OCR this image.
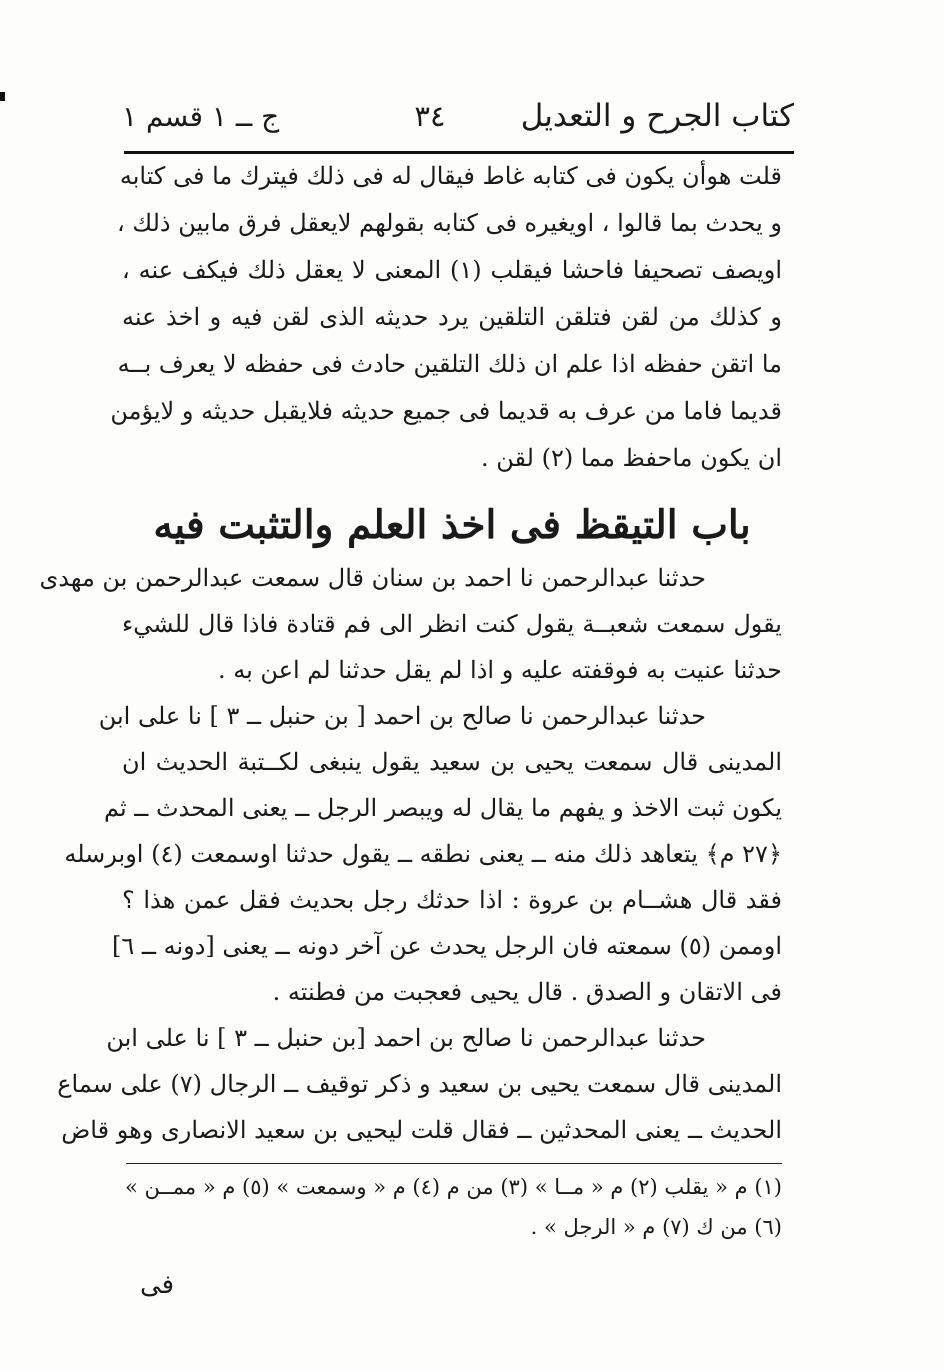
كتاب الجرح و التعديل
٣٤
ج ــ ١ قسم ١
قلت هوأن يكون فى كتابه غاط فيقال له فى ذلك فيترك ما فى كتابه
و يحدث بما قالوا ، اويغيره فى كتابه بقولهم لايعقل فرق مابين ذلك ،
اويصف تصحيفا فاحشا فيقلب (١) المعنى لا يعقل ذلك فيكف عنه ،
و كذلك من لقن فتلقن التلقين يرد حديثه الذى لقن فيه و اخذ عنه
ما اتقن حفظه اذا علم ان ذلك التلقين حادث فى حفظه لا يعرف بــه
قديما فاما من عرف به قديما فى جميع حديثه فلايقبل حديثه و لايؤمن
ان يكون ماحفظ مما (٢) لقن .
حدثنا عبدالرحمن نا احمد بن سنان قال سمعت عبدالرحمن بن مهدى
يقول سمعت شعبــة يقول كنت انظر الى فم قتادة فاذا قال للشيء
حدثنا عنيت به فوقفته عليه و اذا لم يقل حدثنا لم اعن به .
حدثنا عبدالرحمن نا صالح بن احمد [ بن حنبل ــ ٣ ] نا على ابن
المدينى قال سمعت يحيى بن سعيد يقول ينبغى لكــتبة الحديث ان
يكون ثبت الاخذ و يفهم ما يقال له ويبصر الرجل ــ يعنى المحدث ــ ثم
﴿٢٧ م﴾ يتعاهد ذلك منه ــ يعنى نطقه ــ يقول حدثنا اوسمعت (٤) اوبرسله
فقد قال هشــام بن عروة : اذا حدثك رجل بحديث فقل عمن هذا ؟
اوممن (٥) سمعته فان الرجل يحدث عن آخر دونه ــ يعنى [دونه ــ ٦]
فى الاتقان و الصدق . قال يحيى فعجبت من فطنته .
حدثنا عبدالرحمن نا صالح بن احمد [بن حنبل ــ ٣ ] نا على ابن
المدينى قال سمعت يحيى بن سعيد و ذكر توقيف ــ الرجال (٧) على سماع
الحديث ــ يعنى المحدثين ــ فقال قلت ليحيى بن سعيد الانصارى وهو قاض
باب التيقظ فى اخذ العلم والتثبت فيه
(١) م « يقلب (٢) م « مــا » (٣) من م (٤) م « وسمعت » (٥) م « ممــن »
(٦) من ك (٧) م « الرجل » .
فى
